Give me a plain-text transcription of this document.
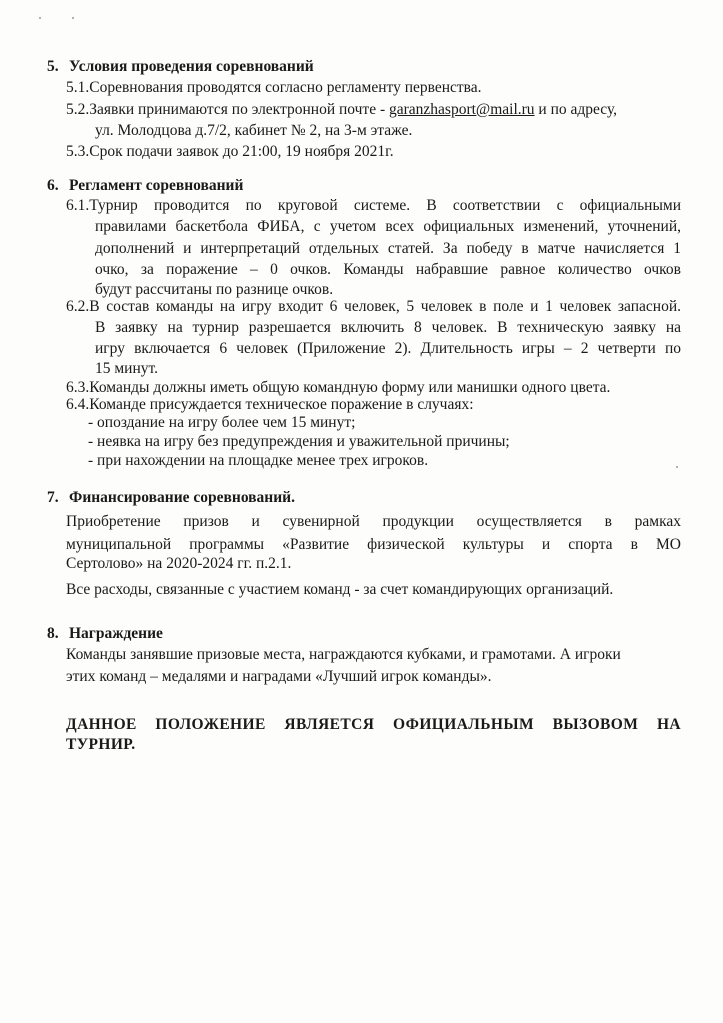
5. Условия проведения соревнований
5.1.Соревнования проводятся согласно регламенту первенства.
5.2.Заявки принимаются по электронной почте - garanzhasport@mail.ru и по адресу,
ул. Молодцова д.7/2, кабинет № 2, на 3-м этаже.
5.3.Срок подачи заявок до 21:00, 19 ноября 2021г.
6. Регламент соревнований
6.1.Турнир проводится по круговой системе. В соответствии с официальными
правилами баскетбола ФИБА, с учетом всех официальных изменений, уточнений,
дополнений и интерпретаций отдельных статей. За победу в матче начисляется 1
очко, за поражение – 0 очков. Команды набравшие равное количество очков
будут рассчитаны по разнице очков.
6.2.В состав команды на игру входит 6 человек, 5 человек в поле и 1 человек запасной.
В заявку на турнир разрешается включить 8 человек. В техническую заявку на
игру включается 6 человек (Приложение 2). Длительность игры – 2 четверти по
15 минут.
6.3.Команды должны иметь общую командную форму или манишки одного цвета.
6.4.Команде присуждается техническое поражение в случаях:
- опоздание на игру более чем 15 минут;
- неявка на игру без предупреждения и уважительной причины;
- при нахождении на площадке менее трех игроков.
7. Финансирование соревнований.
Приобретение призов и сувенирной продукции осуществляется в рамках
муниципальной программы «Развитие физической культуры и спорта в МО
Сертолово» на 2020-2024 гг. п.2.1.
Все расходы, связанные с участием команд - за счет командирующих организаций.
8. Награждение
Команды занявшие призовые места, награждаются кубками, и грамотами. А игроки
этих команд – медалями и наградами «Лучший игрок команды».
ДАННОЕ ПОЛОЖЕНИЕ ЯВЛЯЕТСЯ ОФИЦИАЛЬНЫМ ВЫЗОВОМ НА
ТУРНИР.
